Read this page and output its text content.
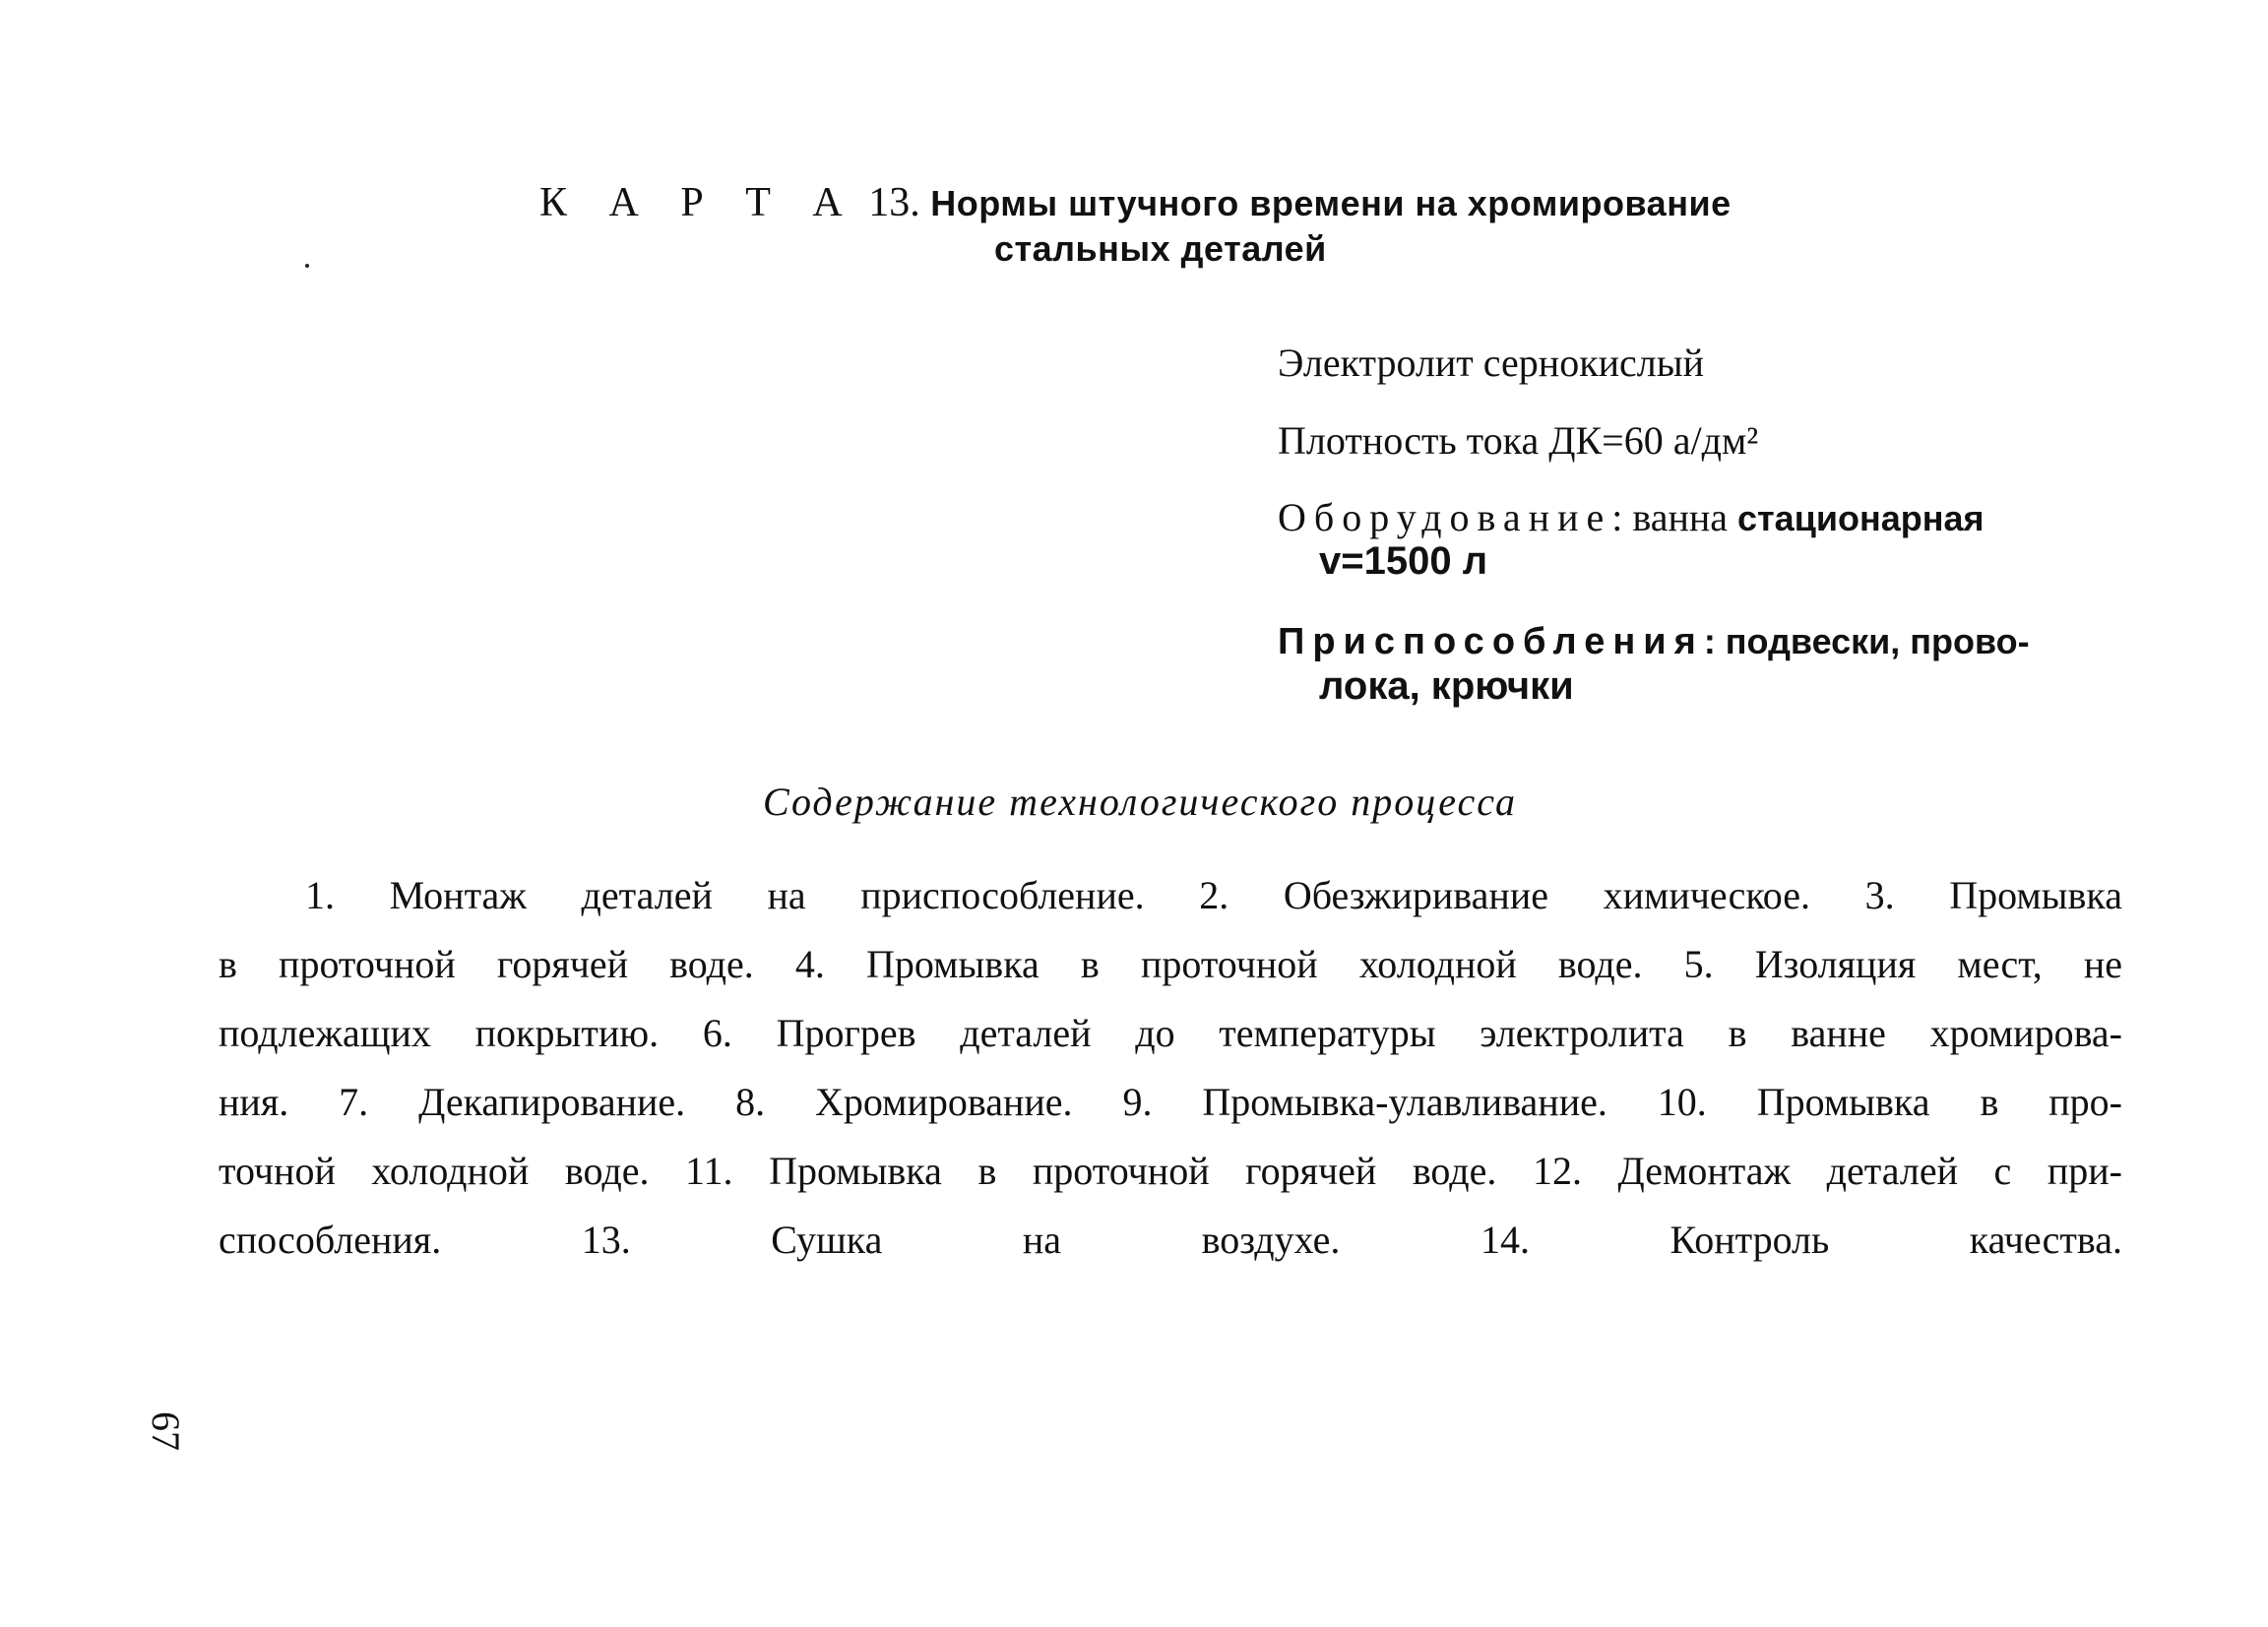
К А Р Т А 13. Нормы штучного времени на хромирование
стальных деталей
Электролит сернокислый
Плотность тока ДК=60 а/дм²
Оборудование: ванна стационарная
v=1500 л
Приспособления: подвески, прово-
лока, крючки
Содержание технологического процесса
1. Монтаж деталей на приспособление. 2. Обезжиривание химическое. 3. Промывка
в проточной горячей воде. 4. Промывка в проточной холодной воде. 5. Изоляция мест, не
подлежащих покрытию. 6. Прогрев деталей до температуры электролита в ванне хромирова-
ния. 7. Декапирование. 8. Хромирование. 9. Промывка-улавливание. 10. Промывка в про-
точной холодной воде. 11. Промывка в проточной горячей воде. 12. Демонтаж деталей с при-
способления. 13. Сушка на воздухе. 14. Контроль качества.
67
